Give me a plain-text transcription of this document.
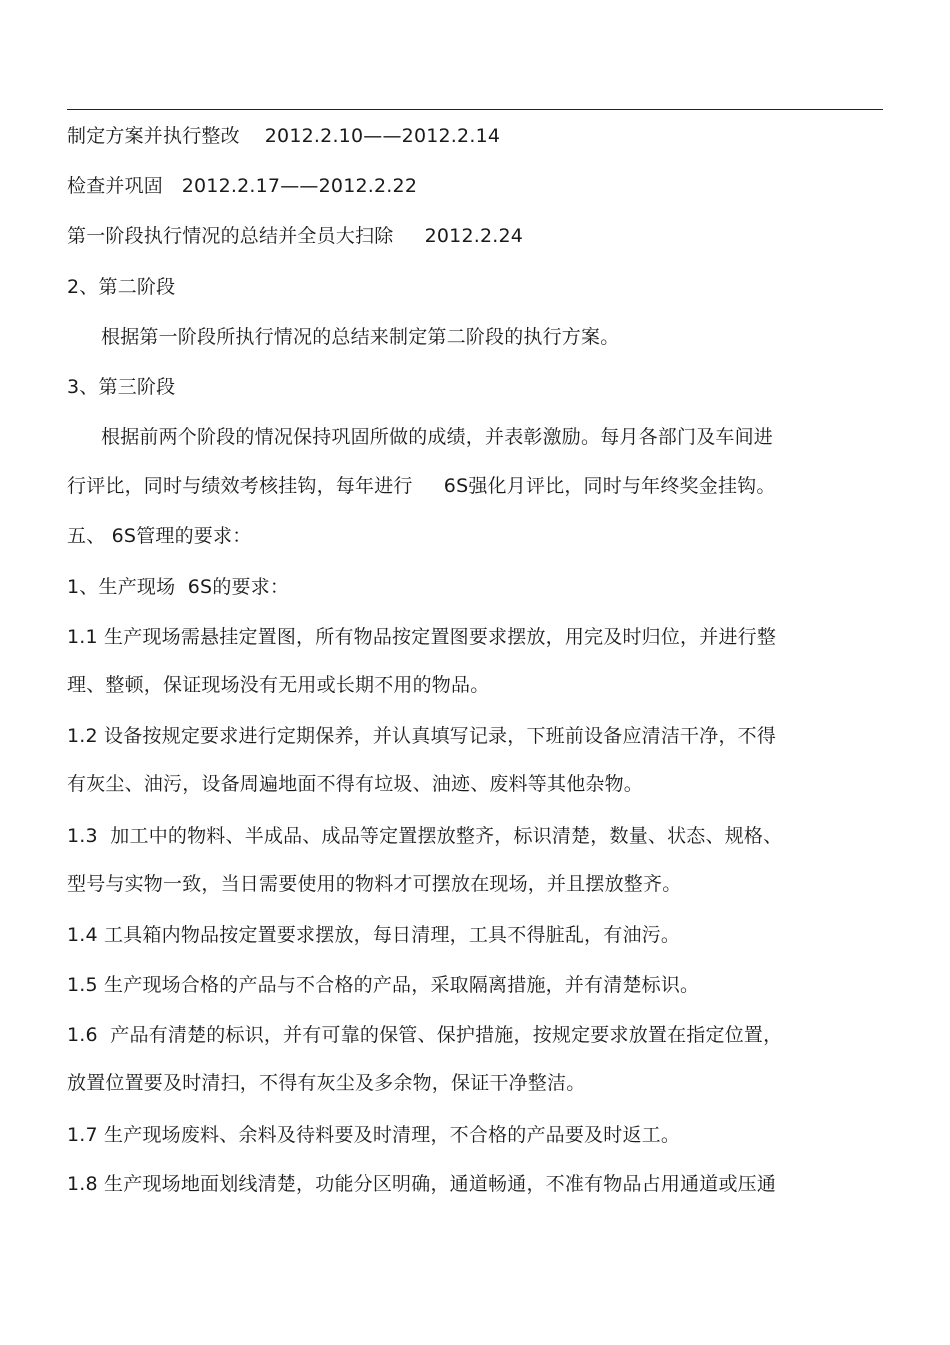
制定方案并执行整改    2012.2.10——2012.2.14
检查并巩固   2012.2.17——2012.2.22
第一阶段执行情况的总结并全员大扫除     2012.2.24
2、第二阶段
根据第一阶段所执行情况的总结来制定第二阶段的执行方案。
3、第三阶段
根据前两个阶段的情况保持巩固所做的成绩，并表彰激励。每月各部门及车间进
行评比，同时与绩效考核挂钩，每年进行     6S强化月评比，同时与年终奖金挂钩。
五、 6S管理的要求：
1、生产现场  6S的要求：
1.1 生产现场需悬挂定置图，所有物品按定置图要求摆放，用完及时归位，并进行整
理、整顿，保证现场没有无用或长期不用的物品。
1.2 设备按规定要求进行定期保养，并认真填写记录，下班前设备应清洁干净，不得
有灰尘、油污，设备周遍地面不得有垃圾、油迹、废料等其他杂物。
1.3  加工中的物料、半成品、成品等定置摆放整齐，标识清楚，数量、状态、规格、
型号与实物一致，当日需要使用的物料才可摆放在现场，并且摆放整齐。
1.4 工具箱内物品按定置要求摆放，每日清理，工具不得脏乱，有油污。
1.5 生产现场合格的产品与不合格的产品，采取隔离措施，并有清楚标识。
1.6  产品有清楚的标识，并有可靠的保管、保护措施，按规定要求放置在指定位置，
放置位置要及时清扫，不得有灰尘及多余物，保证干净整洁。
1.7 生产现场废料、余料及待料要及时清理，不合格的产品要及时返工。
1.8 生产现场地面划线清楚，功能分区明确，通道畅通，不准有物品占用通道或压通
